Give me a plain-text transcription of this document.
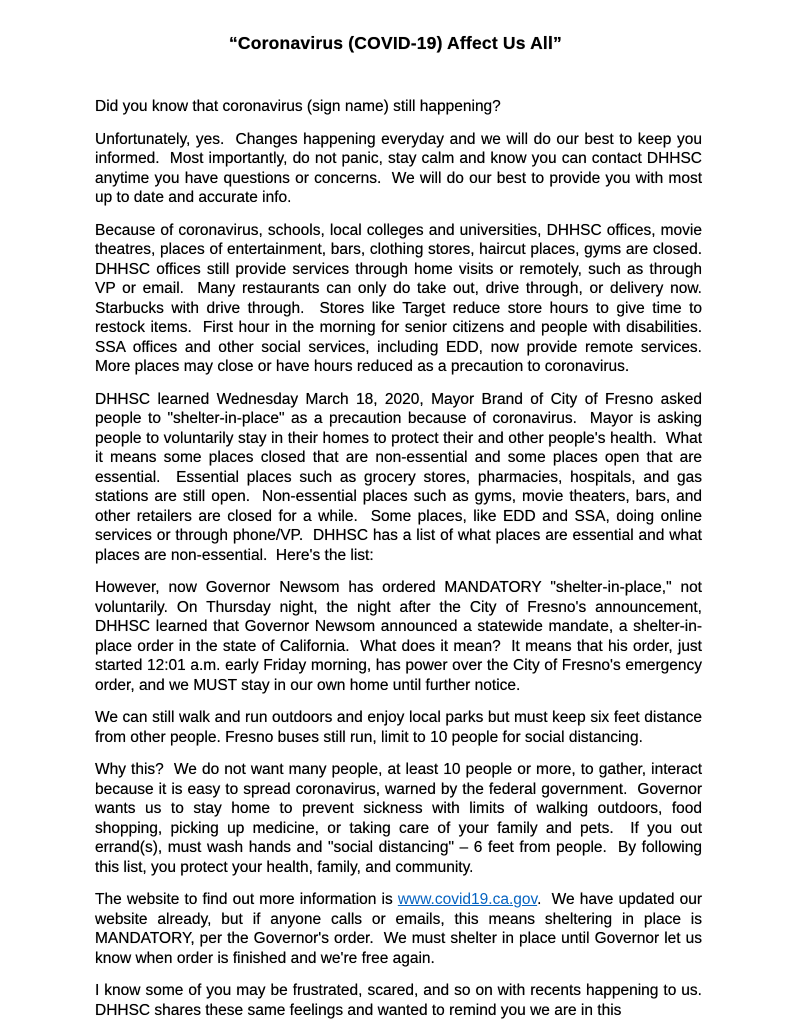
“Coronavirus (COVID-19) Affect Us All”

Did you know that coronavirus (sign name) still happening?

Unfortunately, yes.  Changes happening everyday and we will do our best to keep you informed.  Most importantly, do not panic, stay calm and know you can contact DHHSC anytime you have questions or concerns.  We will do our best to provide you with most up to date and accurate info.

Because of coronavirus, schools, local colleges and universities, DHHSC offices, movie theatres, places of entertainment, bars, clothing stores, haircut places, gyms are closed. DHHSC offices still provide services through home visits or remotely, such as through VP or email.  Many restaurants can only do take out, drive through, or delivery now. Starbucks with drive through.  Stores like Target reduce store hours to give time to restock items.  First hour in the morning for senior citizens and people with disabilities.   SSA offices and other social services, including EDD, now provide remote services. More places may close or have hours reduced as a precaution to coronavirus.

DHHSC learned Wednesday March 18, 2020, Mayor Brand of City of Fresno asked people to "shelter-in-place" as a precaution because of coronavirus.  Mayor is asking people to voluntarily stay in their homes to protect their and other people's health.  What it means some places closed that are non-essential and some places open that are essential.  Essential places such as grocery stores, pharmacies, hospitals, and gas stations are still open.  Non-essential places such as gyms, movie theaters, bars, and other retailers are closed for a while.  Some places, like EDD and SSA, doing online services or through phone/VP.  DHHSC has a list of what places are essential and what places are non-essential.  Here's the list:

However, now Governor Newsom has ordered MANDATORY "shelter-in-place," not voluntarily. On Thursday night, the night after the City of Fresno's announcement, DHHSC learned that Governor Newsom announced a statewide mandate, a shelter-in-place order in the state of California.  What does it mean?  It means that his order, just started 12:01 a.m. early Friday morning, has power over the City of Fresno's emergency order, and we MUST stay in our own home until further notice.

We can still walk and run outdoors and enjoy local parks but must keep six feet distance from other people. Fresno buses still run, limit to 10 people for social distancing.

Why this?  We do not want many people, at least 10 people or more, to gather, interact because it is easy to spread coronavirus, warned by the federal government.  Governor wants us to stay home to prevent sickness with limits of walking outdoors, food shopping, picking up medicine, or taking care of your family and pets.  If you out errand(s), must wash hands and "social distancing" – 6 feet from people.  By following this list, you protect your health, family, and community.

The website to find out more information is www.covid19.ca.gov.  We have updated our website already, but if anyone calls or emails, this means sheltering in place is MANDATORY, per the Governor's order.  We must shelter in place until Governor let us know when order is finished and we're free again.

I know some of you may be frustrated, scared, and so on with recents happening to us.  DHHSC shares these same feelings and wanted to remind you we are in this
